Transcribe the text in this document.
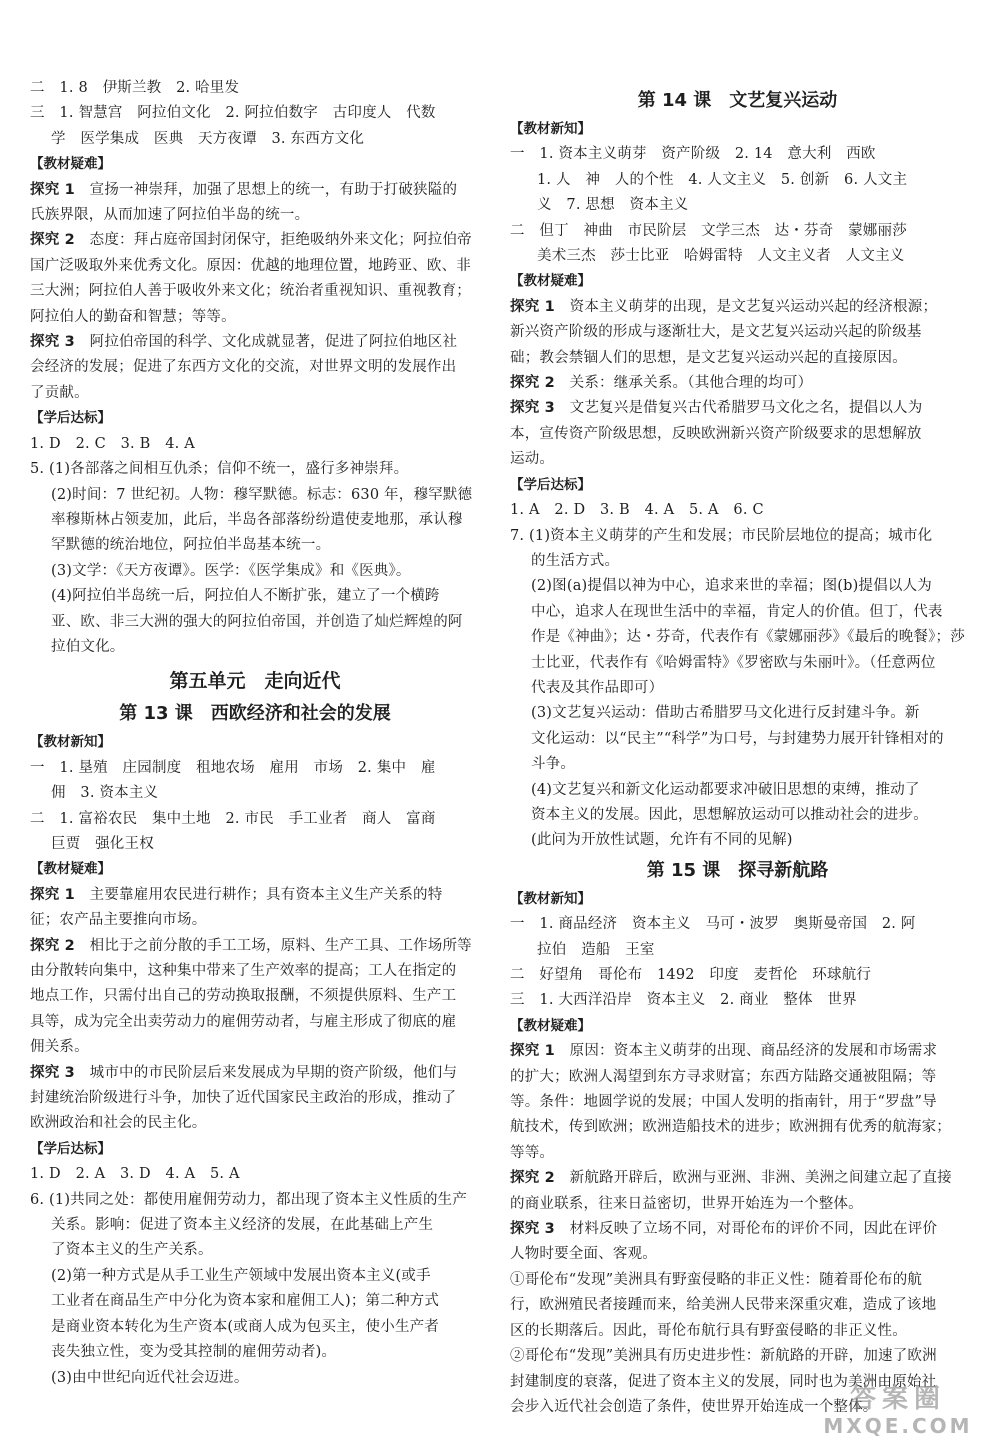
二　1. 8　伊斯兰教　2. 哈里发
三　1. 智慧宫　阿拉伯文化　2. 阿拉伯数字　古印度人　代数
学　医学集成　医典　天方夜谭　3. 东西方文化
【教材疑难】
探究 1　 宣扬一神崇拜，加强了思想上的统一，有助于打破狭隘的
氏族界限，从而加速了阿拉伯半岛的统一。
探究 2　 态度：拜占庭帝国封闭保守，拒绝吸纳外来文化；阿拉伯帝
国广泛吸取外来优秀文化。原因：优越的地理位置，地跨亚、欧、非
三大洲；阿拉伯人善于吸收外来文化；统治者重视知识、重视教育；
阿拉伯人的勤奋和智慧；等等。
探究 3　 阿拉伯帝国的科学、文化成就显著，促进了阿拉伯地区社
会经济的发展；促进了东西方文化的交流，对世界文明的发展作出
了贡献。
【学后达标】
1. D　2. C　3. B　4. A
5. (1)各部落之间相互仇杀；信仰不统一，盛行多神崇拜。
(2)时间：7 世纪初。人物：穆罕默德。标志：630 年，穆罕默德
率穆斯林占领麦加，此后，半岛各部落纷纷遣使麦地那，承认穆
罕默德的统治地位，阿拉伯半岛基本统一。
(3)文学：《天方夜谭》。医学：《医学集成》和《医典》。
(4)阿拉伯半岛统一后，阿拉伯人不断扩张，建立了一个横跨
亚、欧、非三大洲的强大的阿拉伯帝国，并创造了灿烂辉煌的阿
拉伯文化。
第五单元　走向近代
第 13 课　西欧经济和社会的发展
【教材新知】
一　1. 垦殖　庄园制度　租地农场　雇用　市场　2. 集中　雇
佣　3. 资本主义
二　1. 富裕农民　集中土地　2. 市民　手工业者　商人　富商
巨贾　强化王权
【教材疑难】
探究 1　 主要靠雇用农民进行耕作；具有资本主义生产关系的特
征；农产品主要推向市场。
探究 2　 相比于之前分散的手工工场，原料、生产工具、工作场所等
由分散转向集中，这种集中带来了生产效率的提高；工人在指定的
地点工作，只需付出自己的劳动换取报酬，不须提供原料、生产工
具等，成为完全出卖劳动力的雇佣劳动者，与雇主形成了彻底的雇
佣关系。
探究 3　 城市中的市民阶层后来发展成为早期的资产阶级，他们与
封建统治阶级进行斗争，加快了近代国家民主政治的形成，推动了
欧洲政治和社会的民主化。
【学后达标】
1. D　2. A　3. D　4. A　5. A
6. (1)共同之处：都使用雇佣劳动力，都出现了资本主义性质的生产
关系。影响：促进了资本主义经济的发展，在此基础上产生
了资本主义的生产关系。
(2)第一种方式是从手工业生产领域中发展出资本主义(或手
工业者在商品生产中分化为资本家和雇佣工人)；第二种方式
是商业资本转化为生产资本(或商人成为包买主，使小生产者
丧失独立性，变为受其控制的雇佣劳动者)。
(3)由中世纪向近代社会迈进。
第 14 课　文艺复兴运动
【教材新知】
一　1. 资本主义萌芽　资产阶级　2. 14　意大利　西欧
1. 人　神　人的个性　4. 人文主义　5. 创新　6. 人文主
义　7. 思想　资本主义
二　但丁　神曲　市民阶层　文学三杰　达・芬奇　蒙娜丽莎
美术三杰　莎士比亚　哈姆雷特　人文主义者　人文主义
【教材疑难】
探究 1　 资本主义萌芽的出现，是文艺复兴运动兴起的经济根源；
新兴资产阶级的形成与逐渐壮大，是文艺复兴运动兴起的阶级基
础；教会禁锢人们的思想，是文艺复兴运动兴起的直接原因。
探究 2　 关系：继承关系。（其他合理的均可）
探究 3　 文艺复兴是借复兴古代希腊罗马文化之名，提倡以人为
本，宣传资产阶级思想，反映欧洲新兴资产阶级要求的思想解放
运动。
【学后达标】
1. A　2. D　3. B　4. A　5. A　6. C
7. (1)资本主义萌芽的产生和发展；市民阶层地位的提高；城市化
的生活方式。
(2)图(a)提倡以神为中心，追求来世的幸福；图(b)提倡以人为
中心，追求人在现世生活中的幸福，肯定人的价值。但丁，代表
作是《神曲》；达・芬奇，代表作有《蒙娜丽莎》《最后的晚餐》；莎
士比亚，代表作有《哈姆雷特》《罗密欧与朱丽叶》。（任意两位
代表及其作品即可）
(3)文艺复兴运动：借助古希腊罗马文化进行反封建斗争。新
文化运动：以“民主”“科学”为口号，与封建势力展开针锋相对的
斗争。
(4)文艺复兴和新文化运动都要求冲破旧思想的束缚，推动了
资本主义的发展。因此，思想解放运动可以推动社会的进步。
(此问为开放性试题，允许有不同的见解)
第 15 课　探寻新航路
【教材新知】
一　1. 商品经济　资本主义　马可・波罗　奥斯曼帝国　2. 阿
拉伯　造船　王室
二　好望角　哥伦布　1492　印度　麦哲伦　环球航行
三　1. 大西洋沿岸　资本主义　2. 商业　整体　世界
【教材疑难】
探究 1　 原因：资本主义萌芽的出现、商品经济的发展和市场需求
的扩大；欧洲人渴望到东方寻求财富；东西方陆路交通被阻隔；等
等。条件：地圆学说的发展；中国人发明的指南针，用于“罗盘”导
航技术，传到欧洲；欧洲造船技术的进步；欧洲拥有优秀的航海家；
等等。
探究 2　 新航路开辟后，欧洲与亚洲、非洲、美洲之间建立起了直接
的商业联系，往来日益密切，世界开始连为一个整体。
探究 3　 材料反映了立场不同，对哥伦布的评价不同，因此在评价
人物时要全面、客观。
①哥伦布“发现”美洲具有野蛮侵略的非正义性：随着哥伦布的航
行，欧洲殖民者接踵而来，给美洲人民带来深重灾难，造成了该地
区的长期落后。因此，哥伦布航行具有野蛮侵略的非正义性。
②哥伦布“发现”美洲具有历史进步性：新航路的开辟，加速了欧洲
封建制度的衰落，促进了资本主义的发展，同时也为美洲由原始社
会步入近代社会创造了条件，使世界开始连成一个整体。
答案圈
MXQE.COM
